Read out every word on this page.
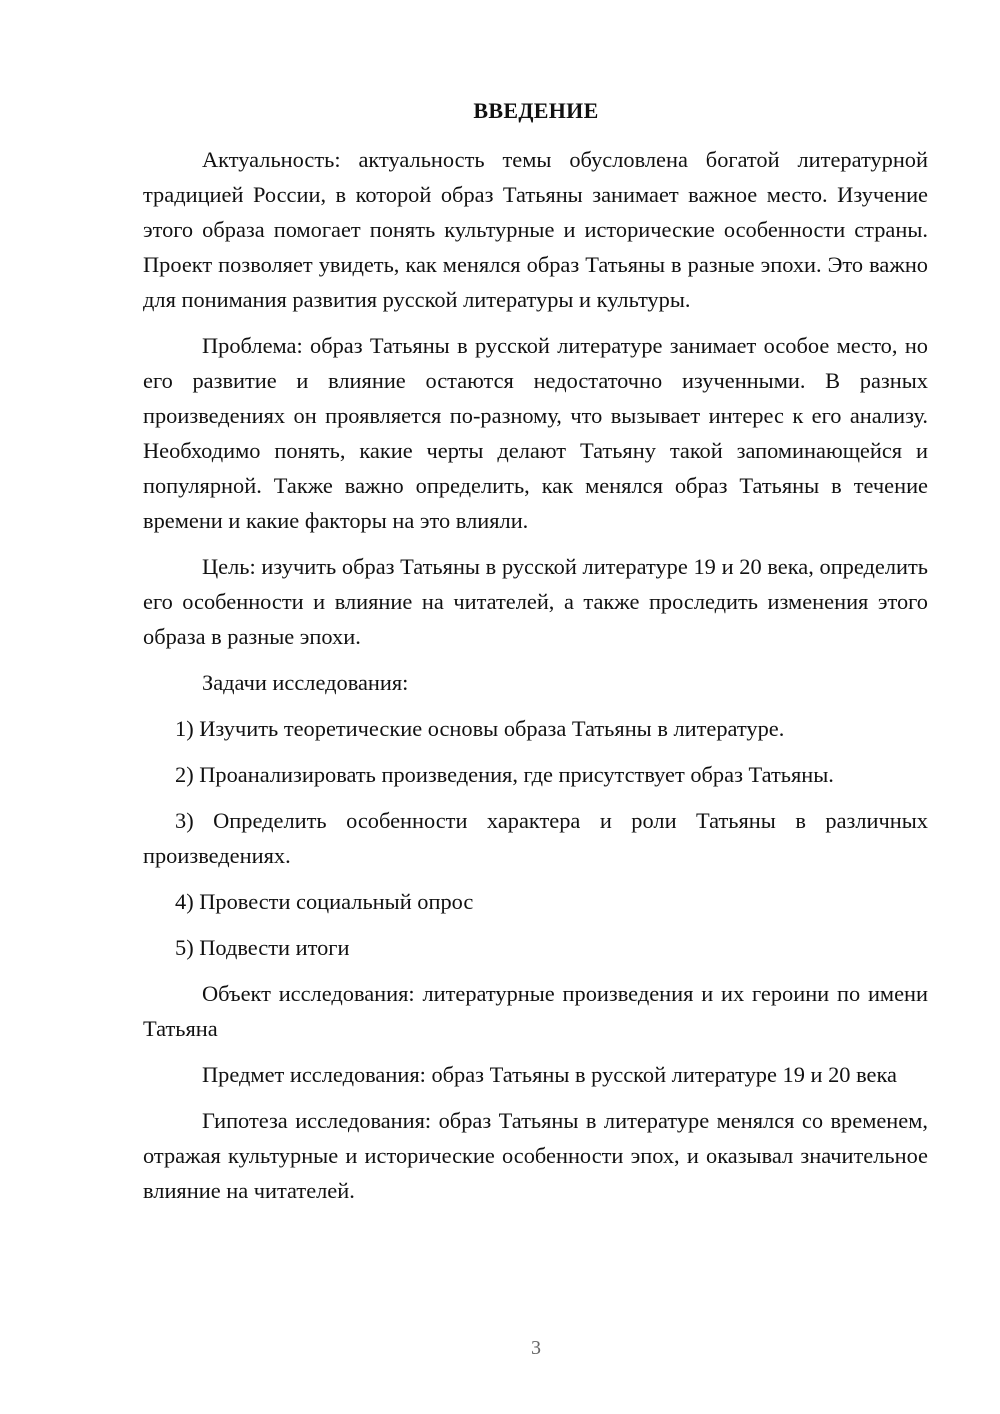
ВВЕДЕНИЕ

Актуальность: актуальность темы обусловлена богатой литературной традицией России, в которой образ Татьяны занимает важное место. Изучение этого образа помогает понять культурные и исторические особенности страны. Проект позволяет увидеть, как менялся образ Татьяны в разные эпохи. Это важно для понимания развития русской литературы и культуры.

Проблема: образ Татьяны в русской литературе занимает особое место, но его развитие и влияние остаются недостаточно изученными. В разных произведениях он проявляется по-разному, что вызывает интерес к его анализу. Необходимо понять, какие черты делают Татьяну такой запоминающейся и популярной. Также важно определить, как менялся образ Татьяны в течение времени и какие факторы на это влияли.

Цель: изучить образ Татьяны в русской литературе 19 и 20 века, определить его особенности и влияние на читателей, а также проследить изменения этого образа в разные эпохи.

Задачи исследования:

1) Изучить теоретические основы образа Татьяны в литературе.

2) Проанализировать произведения, где присутствует образ Татьяны.

3) Определить особенности характера и роли Татьяны в различных произведениях.

4) Провести социальный опрос

5) Подвести итоги

Объект исследования: литературные произведения и их героини по имени Татьяна

Предмет исследования: образ Татьяны в русской литературе 19 и 20 века

Гипотеза исследования: образ Татьяны в литературе менялся со временем, отражая культурные и исторические особенности эпох, и оказывал значительное влияние на читателей.

3
